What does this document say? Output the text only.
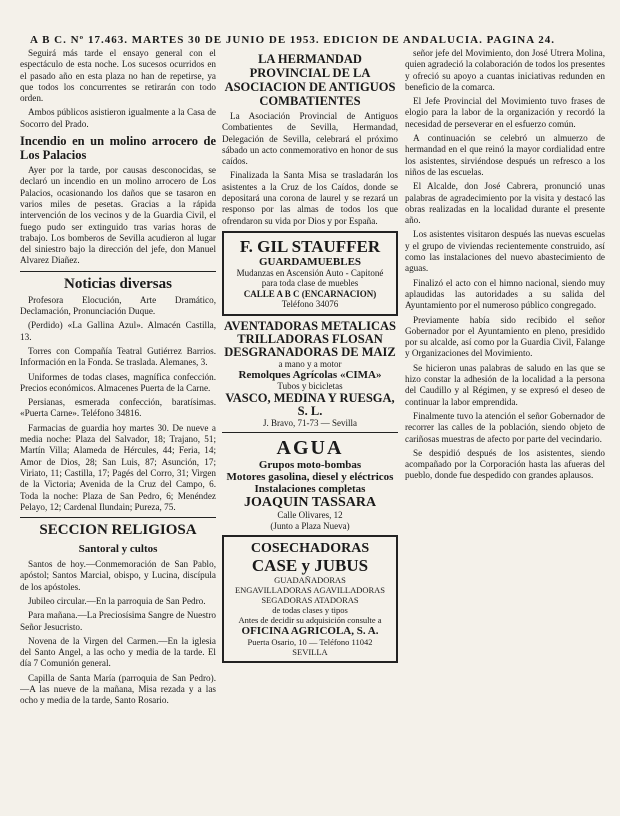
A B C. Nº 17.463. MARTES 30 DE JUNIO DE 1953. EDICION DE ANDALUCIA. PAGINA 24.

Seguirá más tarde el ensayo general con el espectáculo de esta noche. Los sucesos ocurridos en el pasado año en esta plaza no han de repetirse, ya que todos los concurrentes se retirarán con todo orden.

Ambos públicos asistieron igualmente a la Casa de Socorro del Prado.

Incendio en un molino arrocero de Los Palacios

Ayer por la tarde, por causas desconocidas, se declaró un incendio en un molino arrocero de Los Palacios, ocasionando los daños que se tasaron en varios miles de pesetas. Gracias a la rápida intervención de los vecinos y de la Guardia Civil, el fuego pudo ser extinguido tras varias horas de trabajo. Los bomberos de Sevilla acudieron al lugar del siniestro bajo la dirección del jefe, don Manuel Alvarez Diañez.

Noticias diversas

Profesora Elocución, Arte Dramático, Declamación, Pronunciación Duque.

(Perdido) «La Gallina Azul». Almacén Castilla, 13.

Torres con Compañía Teatral Gutiérrez Barrios. Información en la Fonda. Se traslada. Alemanes, 3.

Uniformes de todas clases, magnífica confección. Precios económicos. Almacenes Puerta de la Carne.

Persianas, esmerada confección, baratísimas. «Puerta Carne». Teléfono 34816.

Farmacias de guardia hoy martes 30. De nueve a media noche: Plaza del Salvador, 18; Trajano, 51; Martín Villa; Alameda de Hércules, 44; Feria, 14; Amor de Dios, 28; San Luis, 87; Asunción, 17; Viriato, 11; Castilla, 17; Pagés del Corro, 31; Virgen de la Victoria; Avenida de la Cruz del Campo, 6. Toda la noche: Plaza de San Pedro, 6; Menéndez Pelayo, 12; Cardenal Ilundain; Pureza, 75.

SECCION RELIGIOSA
Santoral y cultos

Santos de hoy.—Conmemoración de San Pablo, apóstol; Santos Marcial, obispo, y Lucina, discípula de los apóstoles.

Jubileo circular.—En la parroquia de San Pedro.

Para mañana.—La Preciosísima Sangre de Nuestro Señor Jesucristo.

Novena de la Virgen del Carmen.—En la iglesia del Santo Angel, a las ocho y media de la tarde. El día 7 Comunión general.

Capilla de Santa María (parroquia de San Pedro).—A las nueve de la mañana, Misa rezada y a las ocho y media de la tarde, Santo Rosario.

LA HERMANDAD PROVINCIAL DE LA ASOCIACION DE ANTIGUOS COMBATIENTES

La Asociación Provincial de Antiguos Combatientes de Sevilla, Hermandad, Delegación de Sevilla, celebrará el próximo sábado un acto conmemorativo en honor de sus caídos.

Finalizada la Santa Misa se trasladarán los asistentes a la Cruz de los Caídos, donde se depositará una corona de laurel y se rezará un responso por las almas de todos los que ofrendaron su vida por Dios y por España.

F. GIL STAUFFER
GUARDAMUEBLES
Mudanzas en Ascensión Auto - Capitoné para toda clase de muebles
CALLE A B C (ENCARNACION)
Teléfono 34076
AVENTADORAS METALICAS
TRILLADORAS FLOSAN
DESGRANADORAS DE MAIZ
a mano y a motor
Remolques Agrícolas «CIMA»
Tubos y bicicletas
VASCO, MEDINA Y RUESGA, S. L.
J. Bravo, 71-73 — Sevilla
AGUA
Grupos moto-bombas
Motores gasolina, diesel y eléctricos
Instalaciones completas
JOAQUIN TASSARA
Calle Olivares, 12
(Junto a Plaza Nueva)
COSECHADORAS
CASE y JUBUS
GUADAÑADORAS
ENGAVILLADORAS AGAVILLADORAS
SEGADORAS ATADORAS
de todas clases y tipos
Antes de decidir su adquisición consulte a
OFICINA AGRICOLA, S. A.
Puerta Osario, 10 — Teléfono 11042
SEVILLA

señor jefe del Movimiento, don José Utrera Molina, quien agradeció la colaboración de todos los presentes y ofreció su apoyo a cuantas iniciativas redunden en beneficio de la comarca.

El Jefe Provincial del Movimiento tuvo frases de elogio para la labor de la organización y recordó la necesidad de perseverar en el esfuerzo común.

A continuación se celebró un almuerzo de hermandad en el que reinó la mayor cordialidad entre los asistentes, sirviéndose después un refresco a los niños de las escuelas.

El Alcalde, don José Cabrera, pronunció unas palabras de agradecimiento por la visita y destacó las obras realizadas en la localidad durante el presente año.

Los asistentes visitaron después las nuevas escuelas y el grupo de viviendas recientemente construido, así como las instalaciones del nuevo abastecimiento de aguas.

Finalizó el acto con el himno nacional, siendo muy aplaudidas las autoridades a su salida del Ayuntamiento por el numeroso público congregado.

Previamente había sido recibido el señor Gobernador por el Ayuntamiento en pleno, presidido por su alcalde, así como por la Guardia Civil, Falange y Organizaciones del Movimiento.

Se hicieron unas palabras de saludo en las que se hizo constar la adhesión de la localidad a la persona del Caudillo y al Régimen, y se expresó el deseo de continuar la labor emprendida.

Finalmente tuvo la atención el señor Gobernador de recorrer las calles de la población, siendo objeto de cariñosas muestras de afecto por parte del vecindario.

Se despidió después de los asistentes, siendo acompañado por la Corporación hasta las afueras del pueblo, donde fue despedido con grandes aplausos.
